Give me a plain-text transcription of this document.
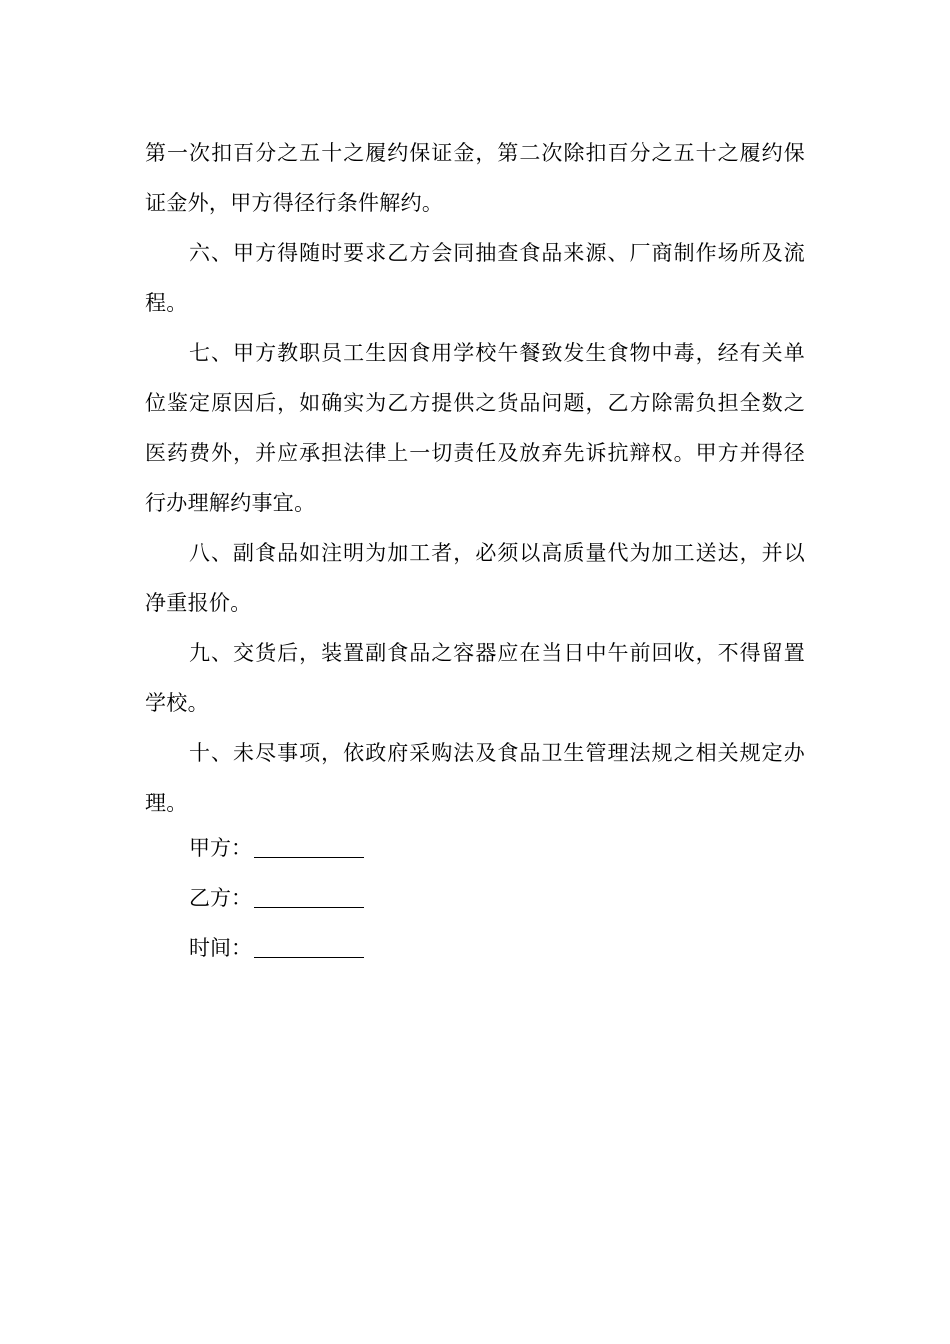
第一次扣百分之五十之履约保证金，第二次除扣百分之五十之履约保证金外，甲方得径行条件解约。

六、甲方得随时要求乙方会同抽查食品来源、厂商制作场所及流程。

七、甲方教职员工生因食用学校午餐致发生食物中毒，经有关单位鉴定原因后，如确实为乙方提供之货品问题，乙方除需负担全数之医药费外，并应承担法律上一切责任及放弃先诉抗辩权。甲方并得径行办理解约事宜。

八、副食品如注明为加工者，必须以高质量代为加工送达，并以净重报价。

九、交货后，装置副食品之容器应在当日中午前回收，不得留置学校。

十、未尽事项，依政府采购法及食品卫生管理法规之相关规定办理。

甲方：
乙方：
时间：
